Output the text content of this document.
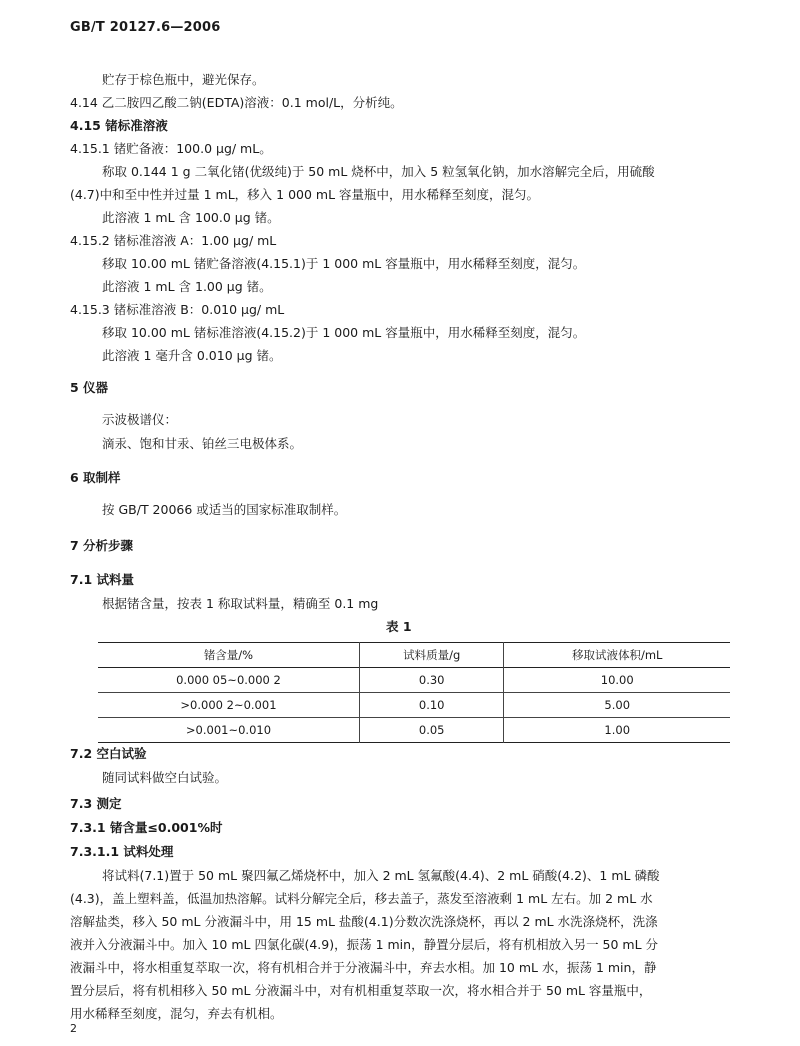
GB/T 20127.6—2006
贮存于棕色瓶中，避光保存。
4.14 乙二胺四乙酸二钠(EDTA)溶液：0.1 mol/L，分析纯。
4.15 锗标准溶液
4.15.1 锗贮备液：100.0 μg/ mL。
称取 0.144 1 g 二氧化锗(优级纯)于 50 mL 烧杯中，加入 5 粒氢氧化钠，加水溶解完全后，用硫酸
(4.7)中和至中性并过量 1 mL，移入 1 000 mL 容量瓶中，用水稀释至刻度，混匀。
此溶液 1 mL 含 100.0 μg 锗。
4.15.2 锗标准溶液 A：1.00 μg/ mL
移取 10.00 mL 锗贮备溶液(4.15.1)于 1 000 mL 容量瓶中，用水稀释至刻度，混匀。
此溶液 1 mL 含 1.00 μg 锗。
4.15.3 锗标准溶液 B：0.010 μg/ mL
移取 10.00 mL 锗标准溶液(4.15.2)于 1 000 mL 容量瓶中，用水稀释至刻度，混匀。
此溶液 1 毫升含 0.010 μg 锗。
5 仪器
示波极谱仪：
滴汞、饱和甘汞、铂丝三电极体系。
6 取制样
按 GB/T 20066 或适当的国家标准取制样。
7 分析步骤
7.1 试料量
根据锗含量，按表 1 称取试料量，精确至 0.1 mg
表 1
锗含量/%	试料质量/g	移取试液体积/mL
0.000 05~0.000 2	0.30	10.00
>0.000 2~0.001	0.10	5.00
>0.001~0.010	0.05	1.00
7.2 空白试验
随同试料做空白试验。
7.3 测定
7.3.1 锗含量≤0.001%时
7.3.1.1 试料处理
将试料(7.1)置于 50 mL 聚四氟乙烯烧杯中，加入 2 mL 氢氟酸(4.4)、2 mL 硝酸(4.2)、1 mL 磷酸
(4.3)，盖上塑料盖，低温加热溶解。试料分解完全后，移去盖子，蒸发至溶液剩 1 mL 左右。加 2 mL 水
溶解盐类，移入 50 mL 分液漏斗中，用 15 mL 盐酸(4.1)分数次洗涤烧杯，再以 2 mL 水洗涤烧杯，洗涤
液并入分液漏斗中。加入 10 mL 四氯化碳(4.9)，振荡 1 min，静置分层后，将有机相放入另一 50 mL 分
液漏斗中，将水相重复萃取一次，将有机相合并于分液漏斗中，弃去水相。加 10 mL 水，振荡 1 min，静
置分层后，将有机相移入 50 mL 分液漏斗中，对有机相重复萃取一次，将水相合并于 50 mL 容量瓶中，
用水稀释至刻度，混匀，弃去有机相。
2
